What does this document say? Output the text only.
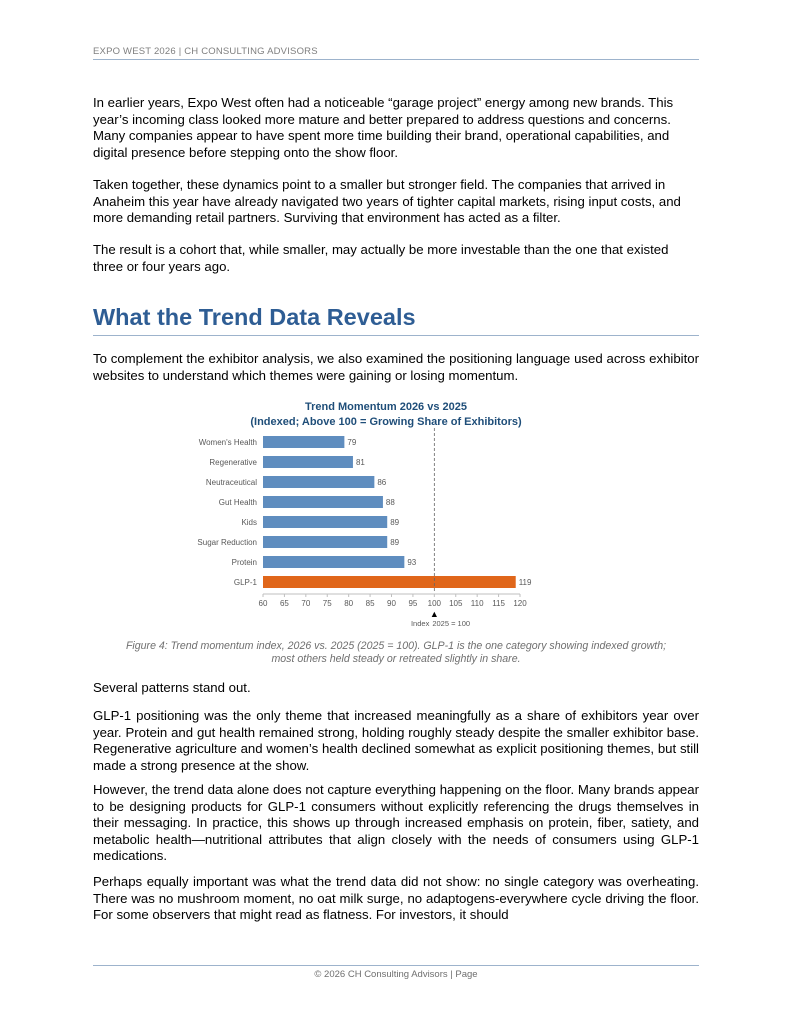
EXPO WEST 2026 | CH CONSULTING ADVISORS

In earlier years, Expo West often had a noticeable “garage project” energy among new brands. This year’s incoming class looked more mature and better prepared to address questions and concerns. Many companies appear to have spent more time building their brand, operational capabilities, and digital presence before stepping onto the show floor.

Taken together, these dynamics point to a smaller but stronger field. The companies that arrived in Anaheim this year have already navigated two years of tighter capital markets, rising input costs, and more demanding retail partners. Surviving that environment has acted as a filter.

The result is a cohort that, while smaller, may actually be more investable than the one that existed three or four years ago.

What the Trend Data Reveals

To complement the exhibitor analysis, we also examined the positioning language used across exhibitor websites to understand which themes were gaining or losing momentum.

Trend Momentum 2026 vs 2025
(Indexed; Above 100 = Growing Share of Exhibitors)
Women's Health	79
Regenerative	81
Neutraceutical	86
Gut Health	88
Kids	89
Sugar Reduction	89
Protein	93
GLP-1	119
60 65 70 75 80 85 90 95 100 105 110 115 120
▲
Index 2025 = 100
Figure 4: Trend momentum index, 2026 vs. 2025 (2025 = 100). GLP-1 is the one category showing indexed growth;
most others held steady or retreated slightly in share.

Several patterns stand out.

GLP-1 positioning was the only theme that increased meaningfully as a share of exhibitors year over year. Protein and gut health remained strong, holding roughly steady despite the smaller exhibitor base. Regenerative agriculture and women’s health declined somewhat as explicit positioning themes, but still made a strong presence at the show.

However, the trend data alone does not capture everything happening on the floor. Many brands appear to be designing products for GLP-1 consumers without explicitly referencing the drugs themselves in their messaging. In practice, this shows up through increased emphasis on protein, fiber, satiety, and metabolic health—nutritional attributes that align closely with the needs of consumers using GLP-1 medications.

Perhaps equally important was what the trend data did not show: no single category was overheating. There was no mushroom moment, no oat milk surge, no adaptogens-everywhere cycle driving the floor. For some observers that might read as flatness. For investors, it should

© 2026 CH Consulting Advisors | Page
